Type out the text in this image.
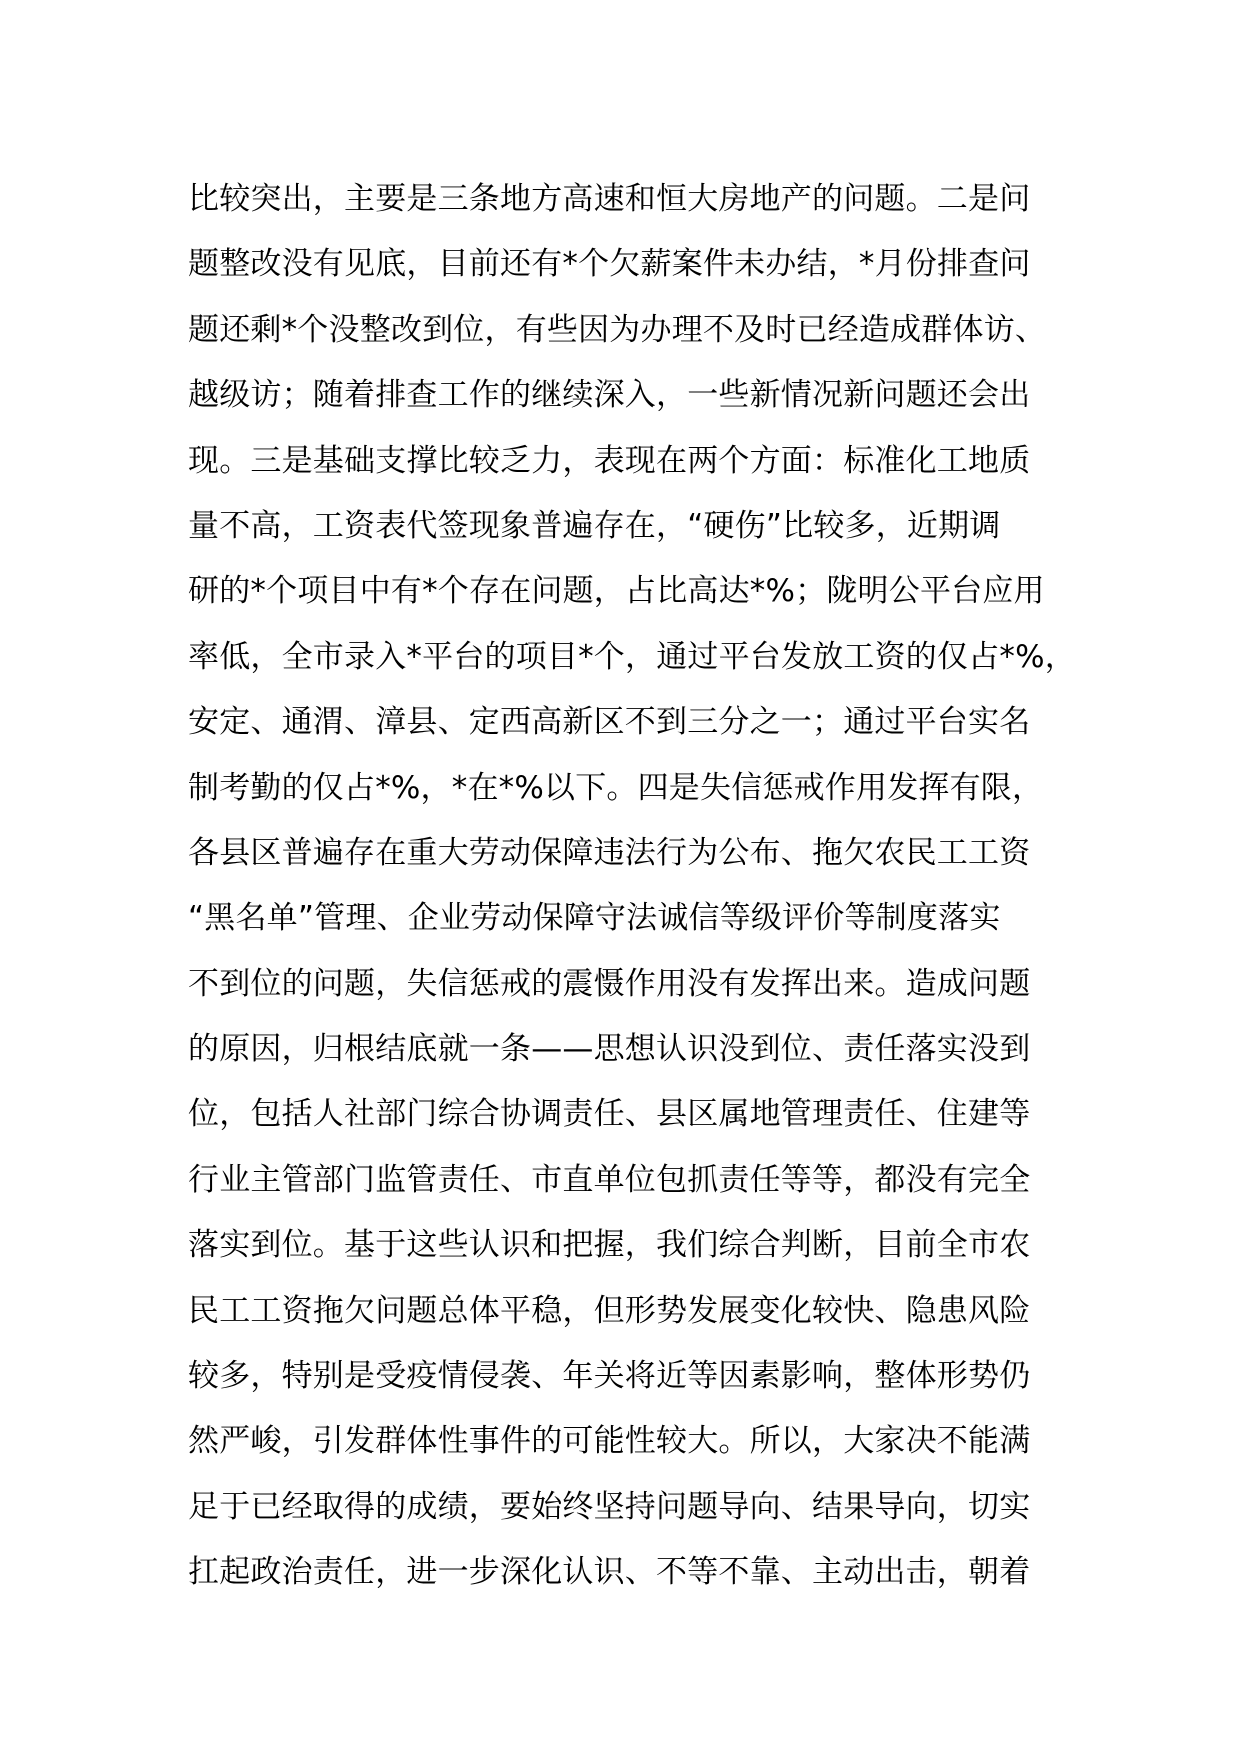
比较突出，主要是三条地方高速和恒大房地产的问题。二是问
题整改没有见底，目前还有*个欠薪案件未办结，*月份排查问
题还剩*个没整改到位，有些因为办理不及时已经造成群体访、
越级访；随着排查工作的继续深入，一些新情况新问题还会出
现。三是基础支撑比较乏力，表现在两个方面：标准化工地质
量不高，工资表代签现象普遍存在，“硬伤”比较多，近期调
研的*个项目中有*个存在问题，占比高达*%；陇明公平台应用
率低，全市录入*平台的项目*个，通过平台发放工资的仅占*%，
安定、通渭、漳县、定西高新区不到三分之一；通过平台实名
制考勤的仅占*%，*在*%以下。四是失信惩戒作用发挥有限，
各县区普遍存在重大劳动保障违法行为公布、拖欠农民工工资
“黑名单”管理、企业劳动保障守法诚信等级评价等制度落实
不到位的问题，失信惩戒的震慑作用没有发挥出来。造成问题
的原因，归根结底就一条——思想认识没到位、责任落实没到
位，包括人社部门综合协调责任、县区属地管理责任、住建等
行业主管部门监管责任、市直单位包抓责任等等，都没有完全
落实到位。基于这些认识和把握，我们综合判断，目前全市农
民工工资拖欠问题总体平稳，但形势发展变化较快、隐患风险
较多，特别是受疫情侵袭、年关将近等因素影响，整体形势仍
然严峻，引发群体性事件的可能性较大。所以，大家决不能满
足于已经取得的成绩，要始终坚持问题导向、结果导向，切实
扛起政治责任，进一步深化认识、不等不靠、主动出击，朝着
